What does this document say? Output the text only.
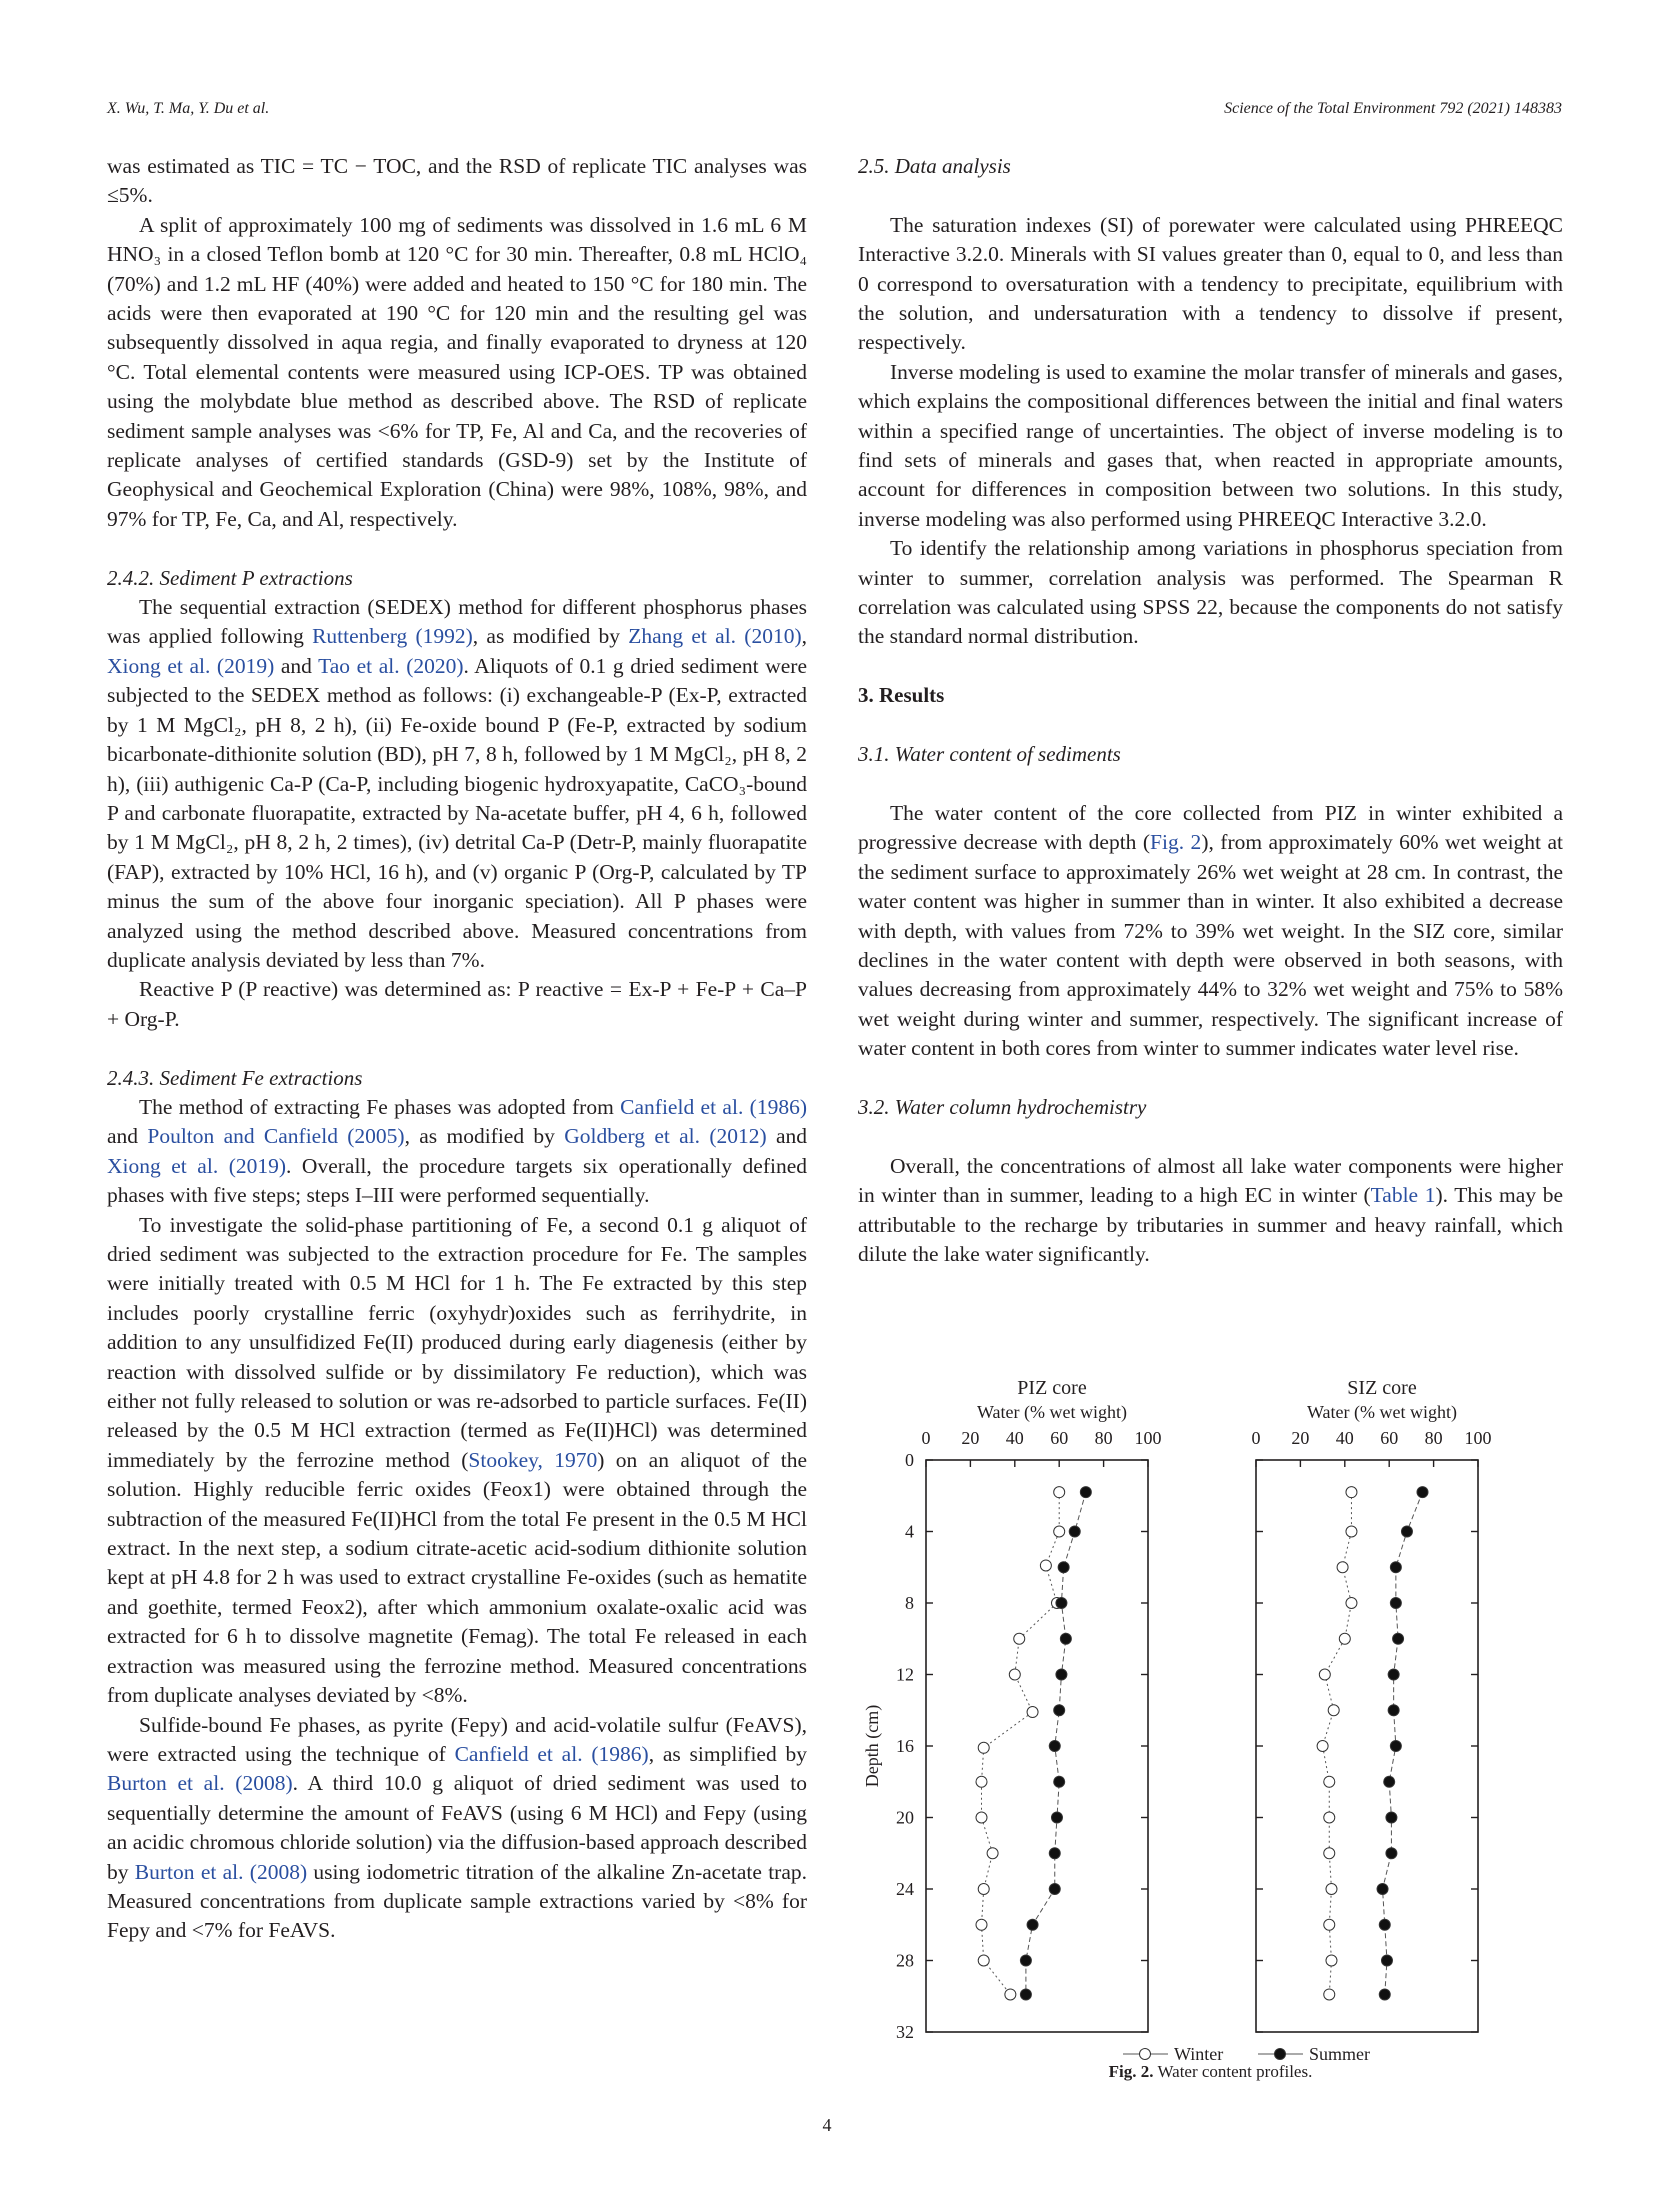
X. Wu, T. Ma, Y. Du et al.	Science of the Total Environment 792 (2021) 148383

was estimated as TIC = TC − TOC, and the RSD of replicate TIC analyses was ≤5%.

A split of approximately 100 mg of sediments was dissolved in 1.6 mL 6 M HNO₃ in a closed Teflon bomb at 120 °C for 30 min. Thereafter, 0.8 mL HClO₄ (70%) and 1.2 mL HF (40%) were added and heated to 150 °C for 180 min. The acids were then evaporated at 190 °C for 120 min and the resulting gel was subsequently dissolved in aqua regia, and finally evaporated to dryness at 120 °C. Total elemental contents were measured using ICP-OES. TP was obtained using the molybdate blue method as described above. The RSD of replicate sediment sample analyses was <6% for TP, Fe, Al and Ca, and the recoveries of replicate analyses of certified standards (GSD-9) set by the Institute of Geophysical and Geochemical Exploration (China) were 98%, 108%, 98%, and 97% for TP, Fe, Ca, and Al, respectively.

2.4.2. Sediment P extractions

The sequential extraction (SEDEX) method for different phosphorus phases was applied following Ruttenberg (1992), as modified by Zhang et al. (2010), Xiong et al. (2019) and Tao et al. (2020). Aliquots of 0.1 g dried sediment were subjected to the SEDEX method as follows: (i) exchangeable-P (Ex-P, extracted by 1 M MgCl₂, pH 8, 2 h), (ii) Fe-oxide bound P (Fe-P, extracted by sodium bicarbonate-dithionite solution (BD), pH 7, 8 h, followed by 1 M MgCl₂, pH 8, 2 h), (iii) authigenic Ca-P (Ca-P, including biogenic hydroxyapatite, CaCO₃-bound P and carbonate fluorapatite, extracted by Na-acetate buffer, pH 4, 6 h, followed by 1 M MgCl₂, pH 8, 2 h, 2 times), (iv) detrital Ca-P (Detr-P, mainly fluorapatite (FAP), extracted by 10% HCl, 16 h), and (v) organic P (Org-P, calculated by TP minus the sum of the above four inorganic speciation). All P phases were analyzed using the method described above. Measured concentrations from duplicate analysis deviated by less than 7%.

Reactive P (P reactive) was determined as: P reactive = Ex-P + Fe-P + Ca–P + Org-P.

2.4.3. Sediment Fe extractions

The method of extracting Fe phases was adopted from Canfield et al. (1986) and Poulton and Canfield (2005), as modified by Goldberg et al. (2012) and Xiong et al. (2019). Overall, the procedure targets six operationally defined phases with five steps; steps I–III were performed sequentially.

To investigate the solid-phase partitioning of Fe, a second 0.1 g aliquot of dried sediment was subjected to the extraction procedure for Fe. The samples were initially treated with 0.5 M HCl for 1 h. The Fe extracted by this step includes poorly crystalline ferric (oxyhydr)oxides such as ferrihydrite, in addition to any unsulfidized Fe(II) produced during early diagenesis (either by reaction with dissolved sulfide or by dissimilatory Fe reduction), which was either not fully released to solution or was re-adsorbed to particle surfaces. Fe(II) released by the 0.5 M HCl extraction (termed as Fe(II)HCl) was determined immediately by the ferrozine method (Stookey, 1970) on an aliquot of the solution. Highly reducible ferric oxides (Feox1) were obtained through the subtraction of the measured Fe(II)HCl from the total Fe present in the 0.5 M HCl extract. In the next step, a sodium citrate-acetic acid-sodium dithionite solution kept at pH 4.8 for 2 h was used to extract crystalline Fe-oxides (such as hematite and goethite, termed Feox2), after which ammonium oxalate-oxalic acid was extracted for 6 h to dissolve magnetite (Femag). The total Fe released in each extraction was measured using the ferrozine method. Measured concentrations from duplicate analyses deviated by <8%.

Sulfide-bound Fe phases, as pyrite (Fepy) and acid-volatile sulfur (FeAVS), were extracted using the technique of Canfield et al. (1986), as simplified by Burton et al. (2008). A third 10.0 g aliquot of dried sediment was used to sequentially determine the amount of FeAVS (using 6 M HCl) and Fepy (using an acidic chromous chloride solution) via the diffusion-based approach described by Burton et al. (2008) using iodometric titration of the alkaline Zn-acetate trap. Measured concentrations from duplicate sample extractions varied by <8% for Fepy and <7% for FeAVS.

2.5. Data analysis

The saturation indexes (SI) of porewater were calculated using PHREEQC Interactive 3.2.0. Minerals with SI values greater than 0, equal to 0, and less than 0 correspond to oversaturation with a tendency to precipitate, equilibrium with the solution, and undersaturation with a tendency to dissolve if present, respectively.

Inverse modeling is used to examine the molar transfer of minerals and gases, which explains the compositional differences between the initial and final waters within a specified range of uncertainties. The object of inverse modeling is to find sets of minerals and gases that, when reacted in appropriate amounts, account for differences in composition between two solutions. In this study, inverse modeling was also performed using PHREEQC Interactive 3.2.0.

To identify the relationship among variations in phosphorus speciation from winter to summer, correlation analysis was performed. The Spearman R correlation was calculated using SPSS 22, because the components do not satisfy the standard normal distribution.

3. Results
3.1. Water content of sediments

The water content of the core collected from PIZ in winter exhibited a progressive decrease with depth (Fig. 2), from approximately 60% wet weight at the sediment surface to approximately 26% wet weight at 28 cm. In contrast, the water content was higher in summer than in winter. It also exhibited a decrease with depth, with values from 72% to 39% wet weight. In the SIZ core, similar declines in the water content with depth were observed in both seasons, with values decreasing from approximately 44% to 32% wet weight and 75% to 58% wet weight during winter and summer, respectively. The significant increase of water content in both cores from winter to summer indicates water level rise.

3.2. Water column hydrochemistry

Overall, the concentrations of almost all lake water components were higher in winter than in summer, leading to a high EC in winter (Table 1). This may be attributable to the recharge by tributaries in summer and heavy rainfall, which dilute the lake water significantly.

PIZ core
Water (% wet wight)
0 20 40 60 80 100
0
4
8
12
16
20
24
28
32
SIZ core
Water (% wet wight)
0 20 40 60 80 100
Depth (cm)
Winter	Summer
Fig. 2. Water content profiles.
4
